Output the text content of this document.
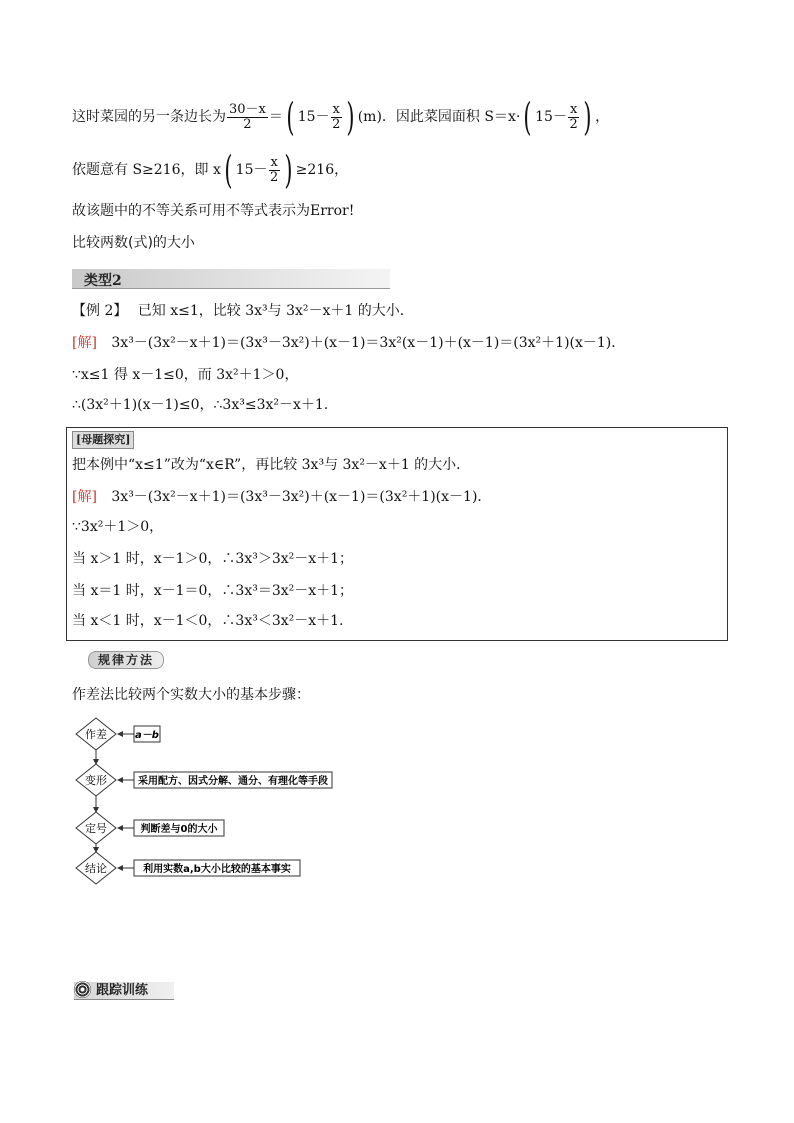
这时菜园的另一条边长为 $\frac{30-x}{2}$ ＝( $15- \frac{x}{2}$ ) (m)．因此菜园面积 S＝x·( $15- \frac{x}{2}$ ) ，
依题意有 S≥216，即 x( $15- \frac{x}{2}$ ) ≥216，
故该题中的不等关系可用不等式表示为Error!
比较两数(式)的大小
类型2
【例 2】 已知 x≤1，比较 3x³与 3x²－x＋1 的大小．
[解] 3x³－(3x²－x＋1)＝(3x³－3x²)＋(x－1)＝3x²(x－1)＋(x－1)＝(3x²＋1)(x－1)．
∵x≤1 得 x－1≤0，而 3x²＋1＞0，
∴(3x²＋1)(x－1)≤0，∴3x³≤3x²－x＋1.
[母题探究]
把本例中“x≤1”改为“x∈R”，再比较 3x³与 3x²－x＋1 的大小．
[解] 3x³－(3x²－x＋1)＝(3x³－3x²)＋(x－1)＝(3x²＋1)(x－1)．
∵3x²＋1＞0，
当 x＞1 时，x－1＞0，∴3x³＞3x²－x＋1；
当 x＝1 时，x－1＝0，∴3x³＝3x²－x＋1；
当 x＜1 时，x－1＜0，∴3x³＜3x²－x＋1.
规律方法
作差法比较两个实数大小的基本步骤：
作差	a－b
变形	采用配方、因式分解、通分、有理化等手段
定号	判断差与0的大小
结论	利用实数a,b大小比较的基本事实
跟踪训练
